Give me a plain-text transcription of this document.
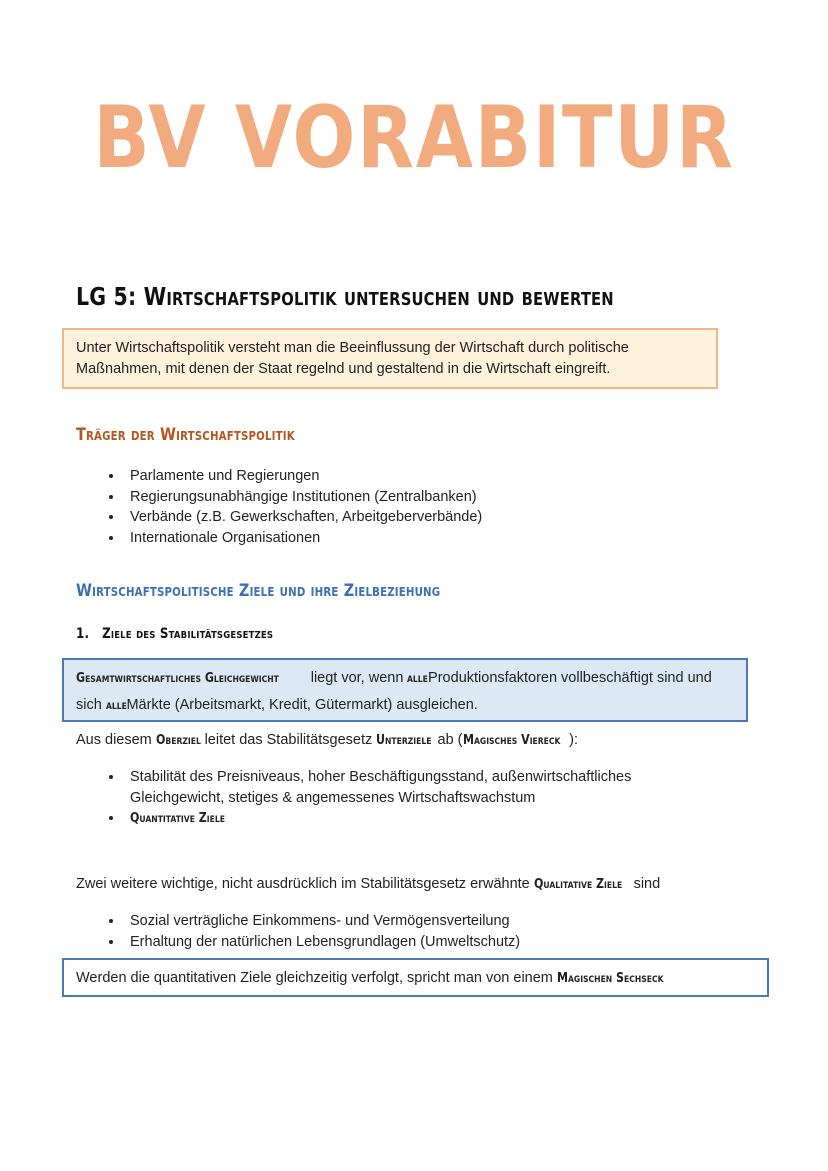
BV VORABITUR
LG 5: Wirtschaftspolitik untersuchen und bewerten
Unter Wirtschaftspolitik versteht man die Beeinflussung der Wirtschaft durch politische Maßnahmen, mit denen der Staat regelnd und gestaltend in die Wirtschaft eingreift.
Träger der Wirtschaftspolitik
• Parlamente und Regierungen
• Regierungsunabhängige Institutionen (Zentralbanken)
• Verbände (z.B. Gewerkschaften, Arbeitgeberverbände)
• Internationale Organisationen
Wirtschaftspolitische Ziele und ihre Zielbeziehung
1.   Ziele des Stabilitätsgesetzes
Gesamtwirtschaftliches Gleichgewicht liegt vor, wenn alle Produktionsfaktoren vollbeschäftigt sind und sich alle Märkte (Arbeitsmarkt, Kredit, Gütermarkt) ausgleichen.
Aus diesem Oberziel leitet das Stabilitätsgesetz Unterziele ab (Magisches Viereck ):
• Stabilität des Preisniveaus, hoher Beschäftigungsstand, außenwirtschaftliches Gleichgewicht, stetiges & angemessenes Wirtschaftswachstum
• Quantitative Ziele
Zwei weitere wichtige, nicht ausdrücklich im Stabilitätsgesetz erwähnte Qualitative Ziele sind
• Sozial verträgliche Einkommens- und Vermögensverteilung
• Erhaltung der natürlichen Lebensgrundlagen (Umweltschutz)
Werden die quantitativen Ziele gleichzeitig verfolgt, spricht man von einem Magischen Sechseck
